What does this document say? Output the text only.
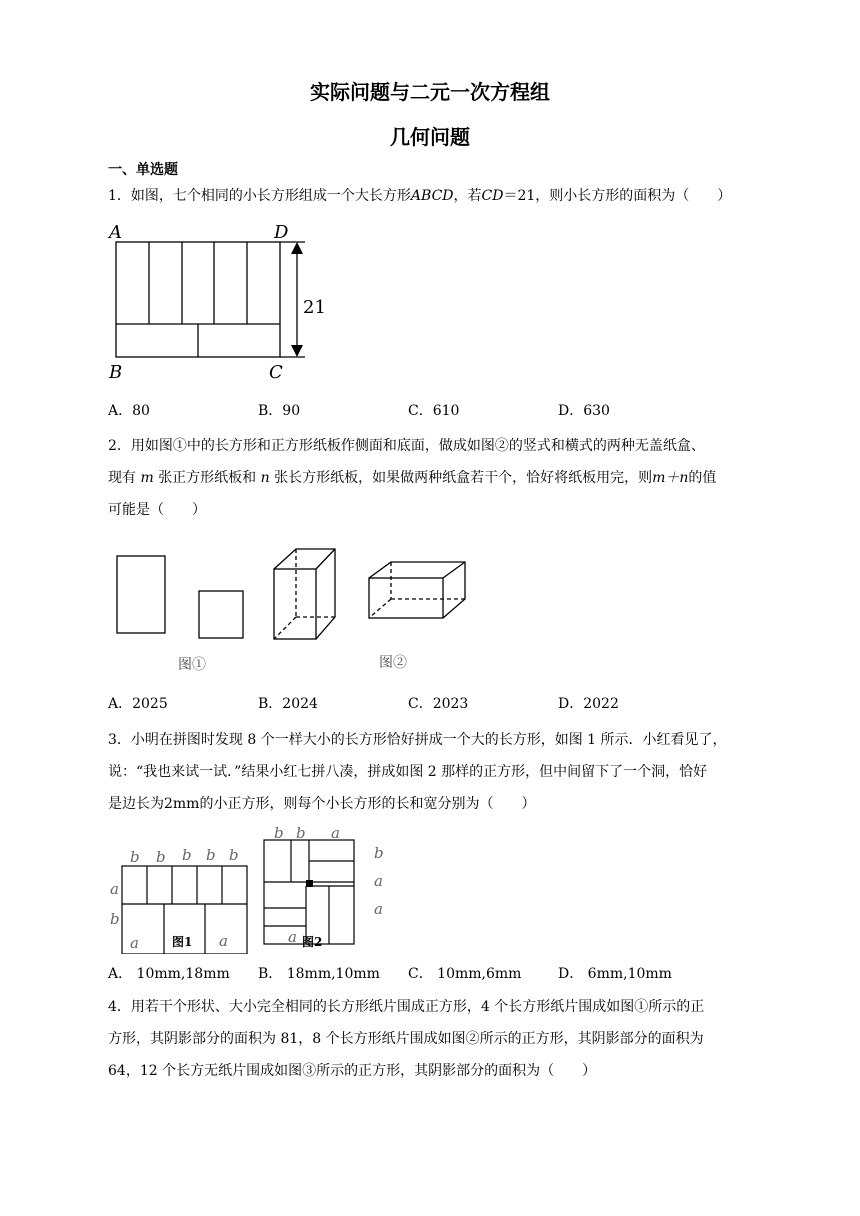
实际问题与二元一次方程组
几何问题
一、单选题
1．如图，七个相同的小长方形组成一个大长方形ABCD，若CD＝21，则小长方形的面积为（　　）
A	D
B	C
21
A．80	B．90	C．610	D．630
2．用如图①中的长方形和正方形纸板作侧面和底面，做成如图②的竖式和横式的两种无盖纸盒、
现有 m 张正方形纸板和 n 张长方形纸板，如果做两种纸盒若干个，恰好将纸板用完，则m＋n的值
可能是（　　）
图①	图②
A．2025	B．2024	C．2023	D．2022
3．小明在拼图时发现 8 个一样大小的长方形恰好拼成一个大的长方形，如图 1 所示．小红看见了，
说：“我也来试一试．”结果小红七拼八凑，拼成如图 2 那样的正方形，但中间留下了一个洞，恰好
是边长为2mm的小正方形，则每个小长方形的长和宽分别为（　　）
b b b b b
a
b
a	a
b b a
b
a
a
a
图1	图2
A． 10mm,18mm B． 18mm,10mm C． 10mm,6mm	D． 6mm,10mm
4．用若干个形状、大小完全相同的长方形纸片围成正方形，4 个长方形纸片围成如图①所示的正
方形，其阴影部分的面积为 81，8 个长方形纸片围成如图②所示的正方形，其阴影部分的面积为
64，12 个长方无纸片围成如图③所示的正方形，其阴影部分的面积为（　　）
